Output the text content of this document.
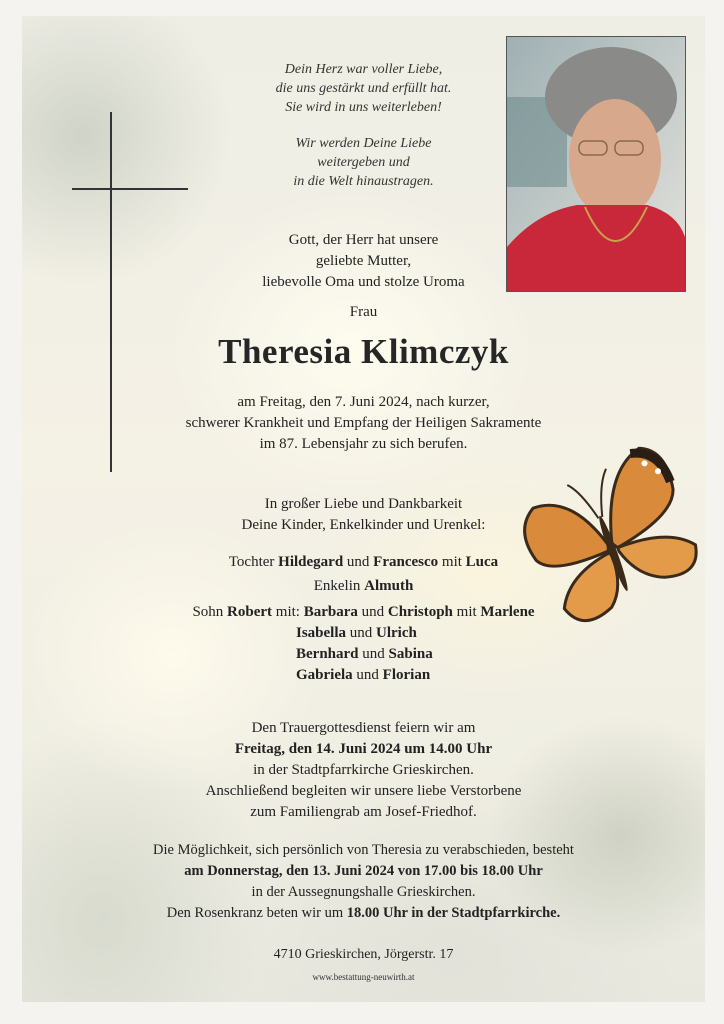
Dein Herz war voller Liebe,
die uns gestärkt und erfüllt hat.
Sie wird in uns weiterleben!
Wir werden Deine Liebe
weitergeben und
in die Welt hinaustragen.
Gott, der Herr hat unsere
geliebte Mutter,
liebevolle Oma und stolze Uroma
Frau
Theresia Klimczyk
am Freitag, den 7. Juni 2024, nach kurzer,
schwerer Krankheit und Empfang der Heiligen Sakramente
im 87. Lebensjahr zu sich berufen.
In großer Liebe und Dankbarkeit
Deine Kinder, Enkelkinder und Urenkel:
Tochter Hildegard und Francesco mit Luca
Enkelin Almuth
Sohn Robert mit: Barbara und Christoph mit Marlene
Isabella und Ulrich
Bernhard und Sabina
Gabriela und Florian
Den Trauergottesdienst feiern wir am
Freitag, den 14. Juni 2024 um 14.00 Uhr
in der Stadtpfarrkirche Grieskirchen.
Anschließend begleiten wir unsere liebe Verstorbene
zum Familiengrab am Josef-Friedhof.
Die Möglichkeit, sich persönlich von Theresia zu verabschieden, besteht
am Donnerstag, den 13. Juni 2024 von 17.00 bis 18.00 Uhr
in der Aussegnungshalle Grieskirchen.
Den Rosenkranz beten wir um 18.00 Uhr in der Stadtpfarrkirche.
4710 Grieskirchen, Jörgerstr. 17
www.bestattung-neuwirth.at
